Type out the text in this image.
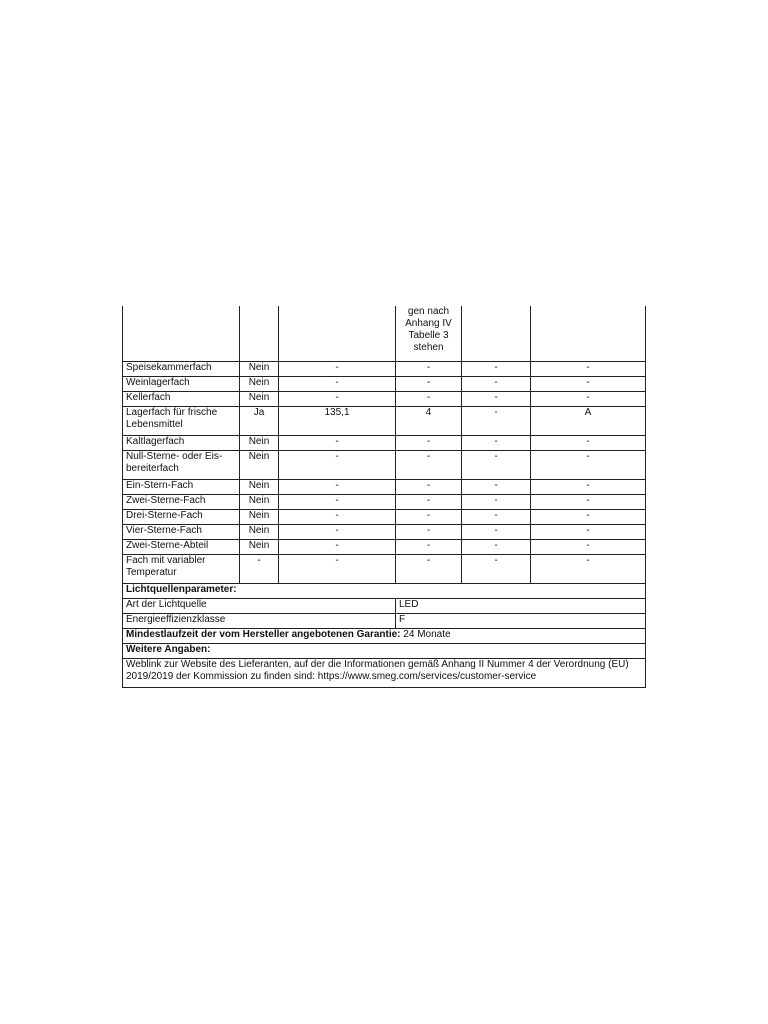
			gen nach
Anhang IV
Tabelle 3
stehen		

Speisekammerfach	Nein	-	-	-	-
Weinlagerfach	Nein	-	-	-	-
Kellerfach	Nein	-	-	-	-
Lagerfach für frische Lebensmittel	Ja	135,1	4	-	A
Kaltlagerfach	Nein	-	-	-	-
Null-Sterne- oder Eis-bereiterfach	Nein	-	-	-	-
Ein-Stern-Fach	Nein	-	-	-	-
Zwei-Sterne-Fach	Nein	-	-	-	-
Drei-Sterne-Fach	Nein	-	-	-	-
Vier-Sterne-Fach	Nein	-	-	-	-
Zwei-Sterne-Abteil	Nein	-	-	-	-
Fach mit variabler Temperatur	-	-	-	-	-
Lichtquellenparameter:					
Art der Lichtquelle			LED		
Energieeffizienzklasse			F		
Mindestlaufzeit der vom Hersteller angebotenen Garantie: 24 Monate					
Weitere Angaben:					
Weblink zur Website des Lieferanten, auf der die Informationen gemäß Anhang II Nummer 4 der Verordnung (EU) 2019/2019 der Kommission zu finden sind: https://www.smeg.com/services/customer-service					
